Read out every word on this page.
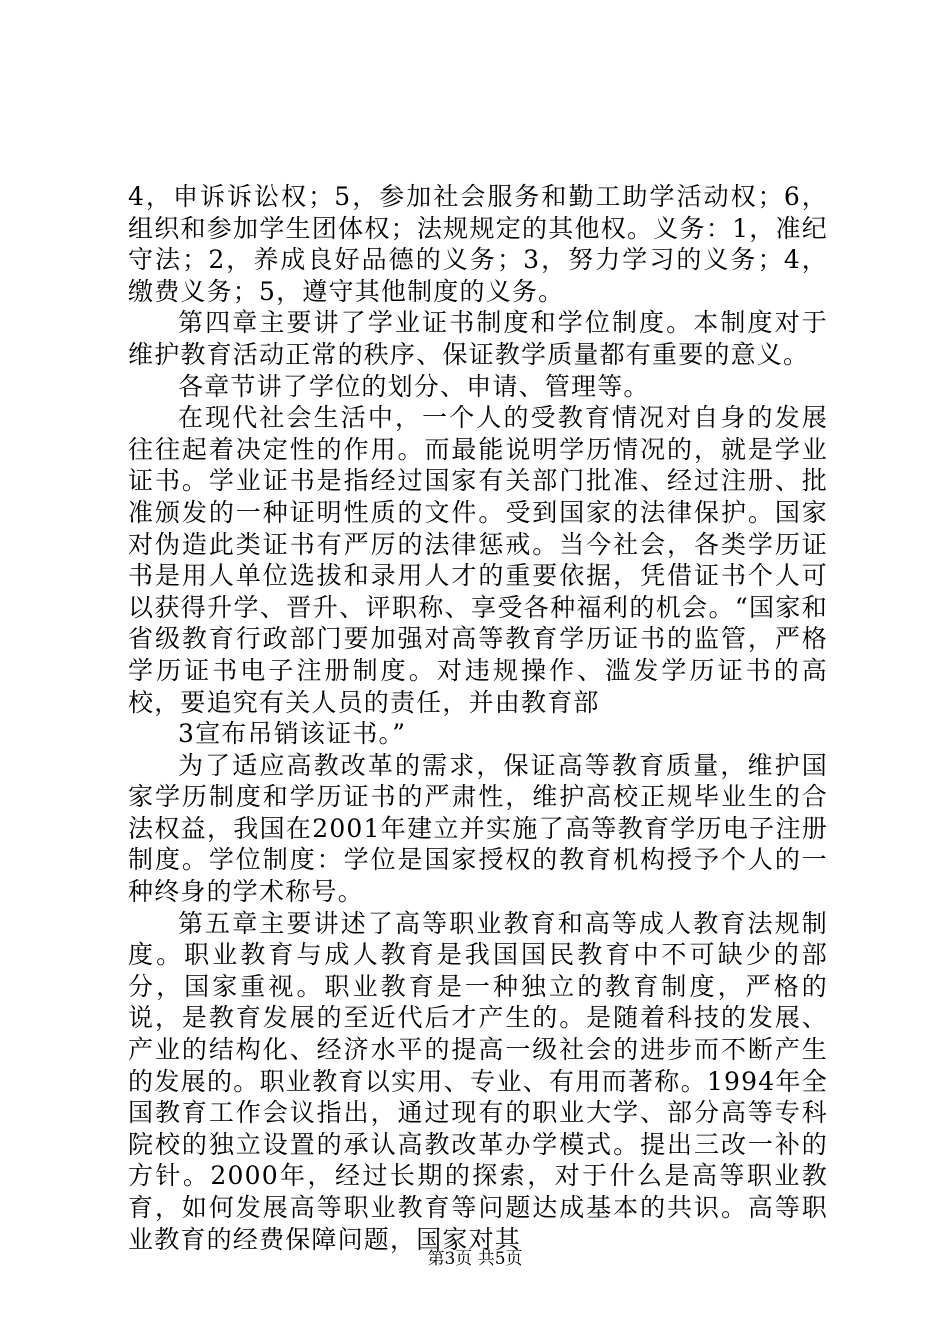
4，申诉诉讼权；5，参加社会服务和勤工助学活动权；6，组织和参加学生团体权；法规规定的其他权。义务：1，准纪守法；2，养成良好品德的义务；3，努力学习的义务；4，缴费义务；5，遵守其他制度的义务。

第四章主要讲了学业证书制度和学位制度。本制度对于维护教育活动正常的秩序、保证教学质量都有重要的意义。

各章节讲了学位的划分、申请、管理等。

在现代社会生活中，一个人的受教育情况对自身的发展往往起着决定性的作用。而最能说明学历情况的，就是学业证书。学业证书是指经过国家有关部门批准、经过注册、批准颁发的一种证明性质的文件。受到国家的法律保护。国家对伪造此类证书有严厉的法律惩戒。当今社会，各类学历证书是用人单位选拔和录用人才的重要依据，凭借证书个人可以获得升学、晋升、评职称、享受各种福利的机会。“国家和省级教育行政部门要加强对高等教育学历证书的监管，严格学历证书电子注册制度。对违规操作、滥发学历证书的高校，要追究有关人员的责任，并由教育部

3宣布吊销该证书。”

为了适应高教改革的需求，保证高等教育质量，维护国家学历制度和学历证书的严肃性，维护高校正规毕业生的合法权益，我国在2001年建立并实施了高等教育学历电子注册制度。学位制度：学位是国家授权的教育机构授予个人的一种终身的学术称号。

第五章主要讲述了高等职业教育和高等成人教育法规制度。职业教育与成人教育是我国国民教育中不可缺少的部分，国家重视。职业教育是一种独立的教育制度，严格的说，是教育发展的至近代后才产生的。是随着科技的发展、产业的结构化、经济水平的提高一级社会的进步而不断产生的发展的。职业教育以实用、专业、有用而著称。1994年全国教育工作会议指出，通过现有的职业大学、部分高等专科院校的独立设置的承认高教改革办学模式。提出三改一补的方针。2000年，经过长期的探索，对于什么是高等职业教育，如何发展高等职业教育等问题达成基本的共识。高等职业教育的经费保障问题，国家对其

第3页 共5页
